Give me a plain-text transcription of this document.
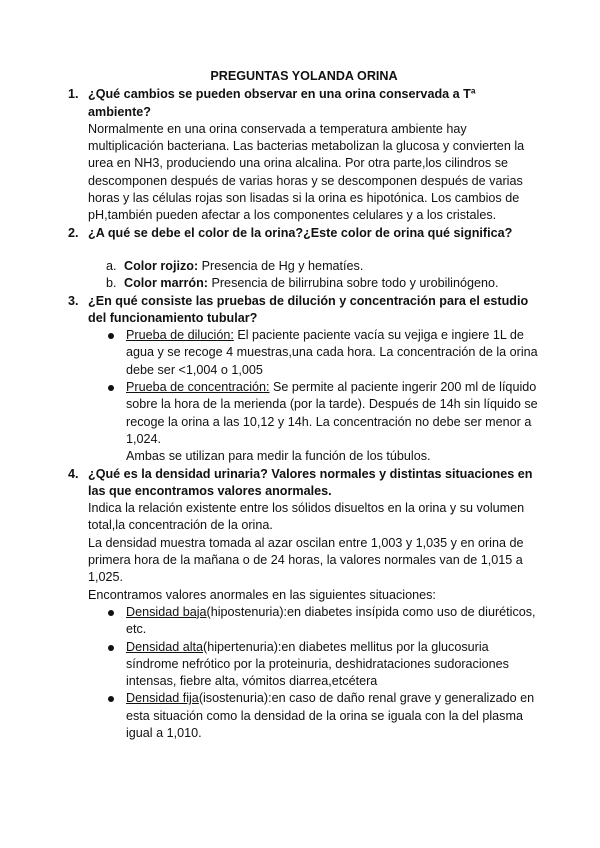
PREGUNTAS YOLANDA ORINA
1. ¿Qué cambios se pueden observar en una orina conservada a Tª ambiente?

Normalmente en una orina conservada a temperatura ambiente hay multiplicación bacteriana. Las bacterias metabolizan la glucosa y convierten la urea en NH3, produciendo una orina alcalina. Por otra parte,los cilindros se descomponen después de varias horas y se descomponen después de varias horas y las células rojas son lisadas si la orina es hipotónica. Los cambios de pH,también pueden afectar a los componentes celulares y a los cristales.

2. ¿A qué se debe el color de la orina?¿Este color de orina qué significa?
a. Color rojizo: Presencia de Hg y hematíes.
b. Color marrón: Presencia de bilirrubina sobre todo y urobilinógeno.
3. ¿En qué consiste las pruebas de dilución y concentración para el estudio del funcionamiento tubular?
Prueba de dilución: El paciente paciente vacía su vejiga e ingiere 1L de agua y se recoge 4 muestras,una cada hora. La concentración de la orina debe ser <1,004 o 1,005
Prueba de concentración: Se permite al paciente ingerir 200 ml de líquido sobre la hora de la merienda (por la tarde). Después de 14h sin líquido se recoge la orina a las 10,12 y 14h. La concentración no debe ser menor a 1,024.
Ambas se utilizan para medir la función de los túbulos.
4. ¿Qué es la densidad urinaria? Valores normales y distintas situaciones en las que encontramos valores anormales.

Indica la relación existente entre los sólidos disueltos en la orina y su volumen total,la concentración de la orina.

La densidad muestra tomada al azar oscilan entre 1,003 y 1,035 y en orina de primera hora de la mañana o de 24 horas, la valores normales van de 1,015 a 1,025.

Encontramos valores anormales en las siguientes situaciones:

Densidad baja(hipostenuria):en diabetes insípida como uso de diuréticos, etc.
Densidad alta(hipertenuria):en diabetes mellitus por la glucosuria síndrome nefrótico por la proteinuria, deshidrataciones sudoraciones intensas, fiebre alta, vómitos diarrea,etcétera
Densidad fija(isostenuria):en caso de daño renal grave y generalizado en esta situación como la densidad de la orina se iguala con la del plasma igual a 1,010.
